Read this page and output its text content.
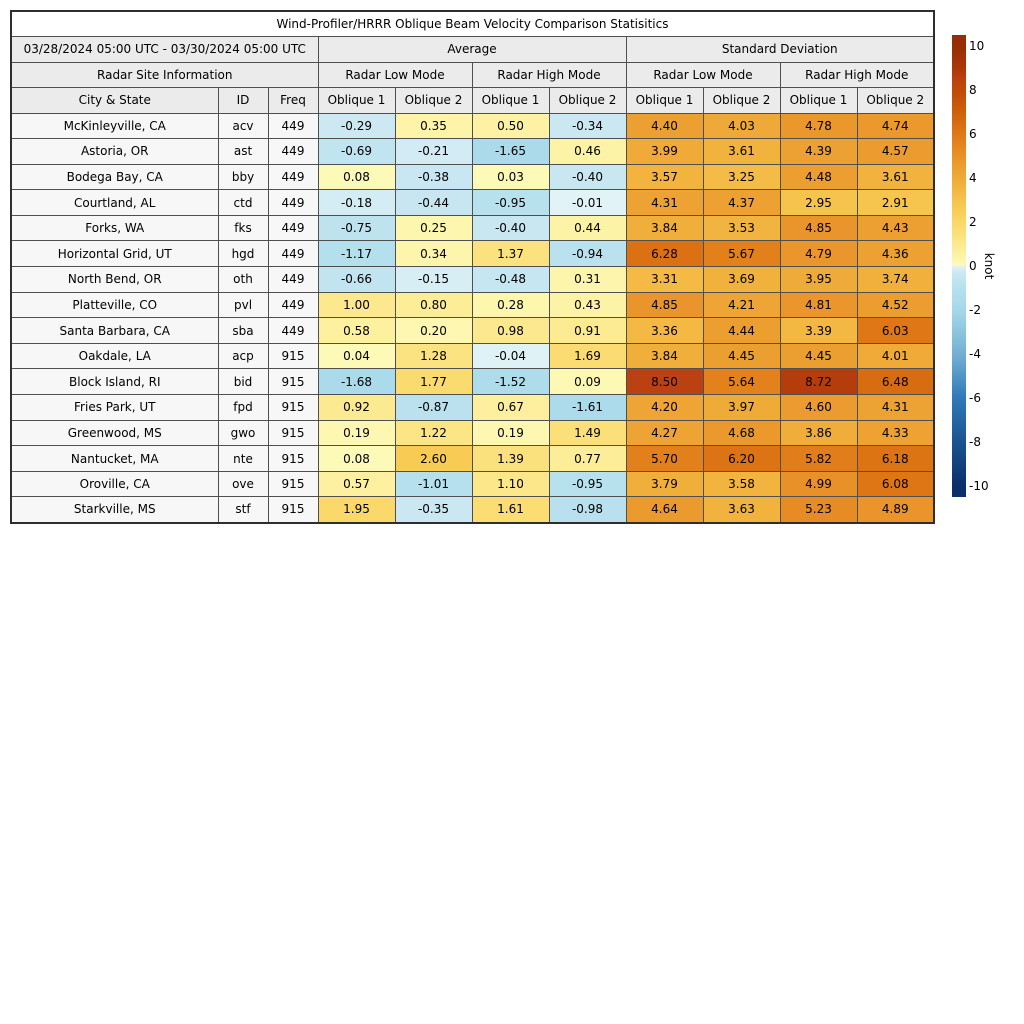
Wind-Profiler/HRRR Oblique Beam Velocity Comparison Statisitics										
03/28/2024 05:00 UTC - 03/30/2024 05:00 UTC			Average				Standard Deviation			
Radar Site Information			Radar Low Mode		Radar High Mode		Radar Low Mode		Radar High Mode	
City & State	ID	Freq	Oblique 1	Oblique 2	Oblique 1	Oblique 2	Oblique 1	Oblique 2	Oblique 1	Oblique 2
McKinleyville, CA	acv	449	-0.29	0.35	0.50	-0.34	4.40	4.03	4.78	4.74
Astoria, OR	ast	449	-0.69	-0.21	-1.65	0.46	3.99	3.61	4.39	4.57
Bodega Bay, CA	bby	449	0.08	-0.38	0.03	-0.40	3.57	3.25	4.48	3.61
Courtland, AL	ctd	449	-0.18	-0.44	-0.95	-0.01	4.31	4.37	2.95	2.91
Forks, WA	fks	449	-0.75	0.25	-0.40	0.44	3.84	3.53	4.85	4.43
Horizontal Grid, UT	hgd	449	-1.17	0.34	1.37	-0.94	6.28	5.67	4.79	4.36
North Bend, OR	oth	449	-0.66	-0.15	-0.48	0.31	3.31	3.69	3.95	3.74
Platteville, CO	pvl	449	1.00	0.80	0.28	0.43	4.85	4.21	4.81	4.52
Santa Barbara, CA	sba	449	0.58	0.20	0.98	0.91	3.36	4.44	3.39	6.03
Oakdale, LA	acp	915	0.04	1.28	-0.04	1.69	3.84	4.45	4.45	4.01
Block Island, RI	bid	915	-1.68	1.77	-1.52	0.09	8.50	5.64	8.72	6.48
Fries Park, UT	fpd	915	0.92	-0.87	0.67	-1.61	4.20	3.97	4.60	4.31
Greenwood, MS	gwo	915	0.19	1.22	0.19	1.49	4.27	4.68	3.86	4.33
Nantucket, MA	nte	915	0.08	2.60	1.39	0.77	5.70	6.20	5.82	6.18
Oroville, CA	ove	915	0.57	-1.01	1.10	-0.95	3.79	3.58	4.99	6.08
Starkville, MS	stf	915	1.95	-0.35	1.61	-0.98	4.64	3.63	5.23	4.89
10
8
6
4
2
0
-2
-4
-6
-8
-10
knot
